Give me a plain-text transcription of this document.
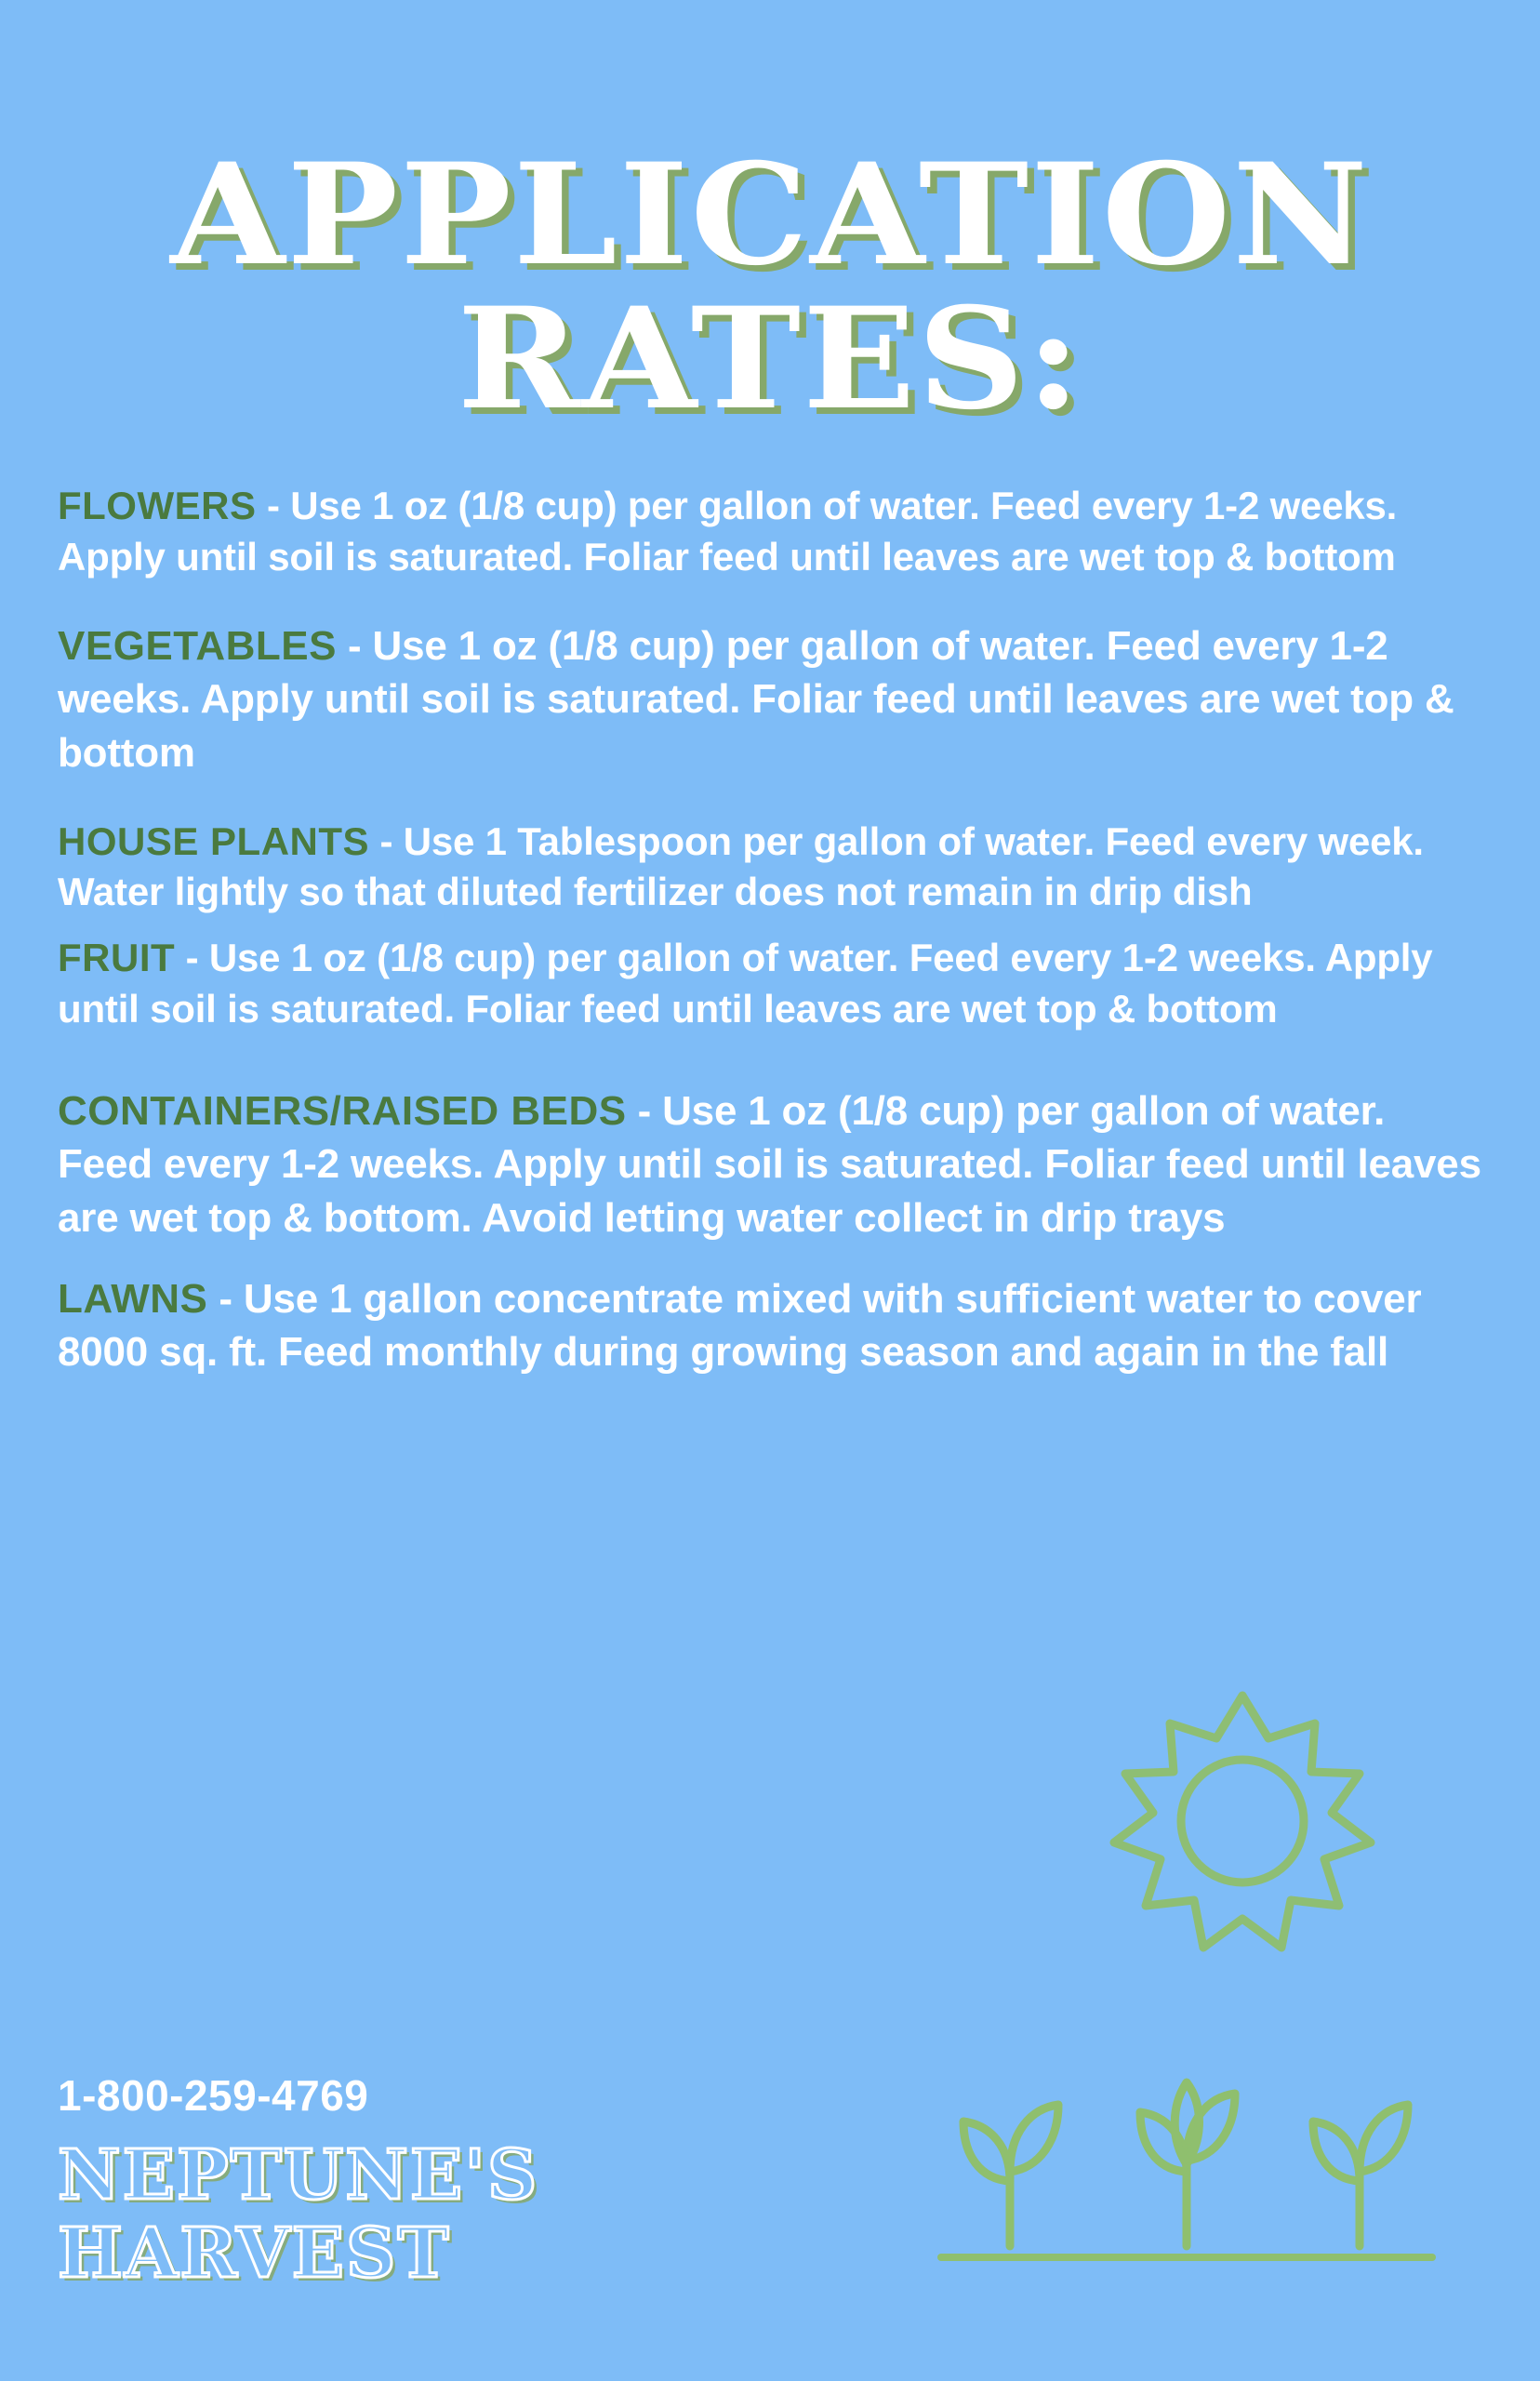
APPLICATION
RATES:

FLOWERS - Use 1 oz (1/8 cup) per gallon of water. Feed every 1-2 weeks. Apply until soil is saturated. Foliar feed until leaves are wet top & bottom

VEGETABLES - Use 1 oz (1/8 cup) per gallon of water. Feed every 1-2 weeks. Apply until soil is saturated. Foliar feed until leaves are wet top & bottom

HOUSE PLANTS - Use 1 Tablespoon per gallon of water. Feed every week. Water lightly so that diluted fertilizer does not remain in drip dish

FRUIT - Use 1 oz (1/8 cup) per gallon of water. Feed every 1-2 weeks. Apply until soil is saturated. Foliar feed until leaves are wet top & bottom

CONTAINERS/RAISED BEDS - Use 1 oz (1/8 cup) per gallon of water. Feed every 1-2 weeks. Apply until soil is saturated. Foliar feed until leaves are wet top & bottom. Avoid letting water collect in drip trays

LAWNS - Use 1 gallon concentrate mixed with sufficient water to cover 8000 sq. ft. Feed monthly during growing season and again in the fall

1-800-259-4769
NEPTUNE'S
HARVEST
